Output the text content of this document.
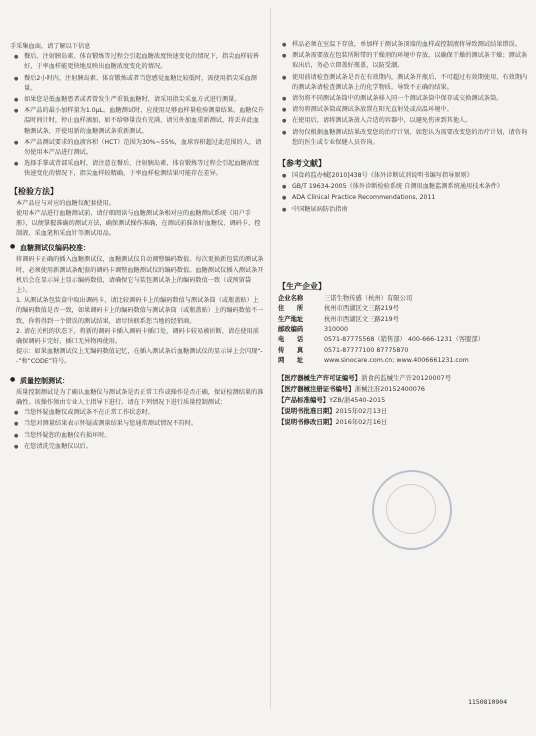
手采集血面，请了解以下信息

● 餐后、注射胰岛素、体育锻炼等过程会引起血糖浓度快速变化的情况下，指尖血样较皆好，于率血样能更快地反映出血糖浓度变化的情况。
● 餐后2小时内，注射胰岛素、体育锻炼或者当您感觉血糖比较低时，需使用指尖采血测量。
● 如果您是低血糖患者或者曾发生严重低血糖时，请采用指尖采血方式进行测量。
● 本产品的最小加样量为1.0μL。血糖测试时，应使用足够血样量检验测量结果。血糖仪升温时间计时，停止血样滴加，如不给够量没有充满，请另外加血重新测试，将丢弃此血糖测试条，开使用新的血糖测试条重新测试。
● 本产品测试要求的血液容积（HCT）范围为30%~55%，血球容积超过此范围的人，请勿使用本产品进行测试。
● 选择手掌或背部采血时，请注意在餐后、注射胰岛素、体育锻炼等过程会引起血糖浓度快速变化的情况下，指尖血样较精确，于率血样检测结果可能存在差异。
【检验方法】

本产品应与对应的血糖仪配套使用。

使用本产品进行血糖测试前，请仔细阅读与血糖测试条相对应的血糖测试系统《用户手册》，以便掌握准确的测试方法，确保测试操作准确，在测试前准备好血糖仪、调码卡、控制液、采血笔和采血针等测试用品。

● 血糖测试仪编码校准：

将调码卡正确的插入血糖测试仪，血糖测试仪自动调整编码数值。每次更换新包装的测试条时，必须使用新测试条配套的调码卡调整血糖测试仪的编码数值。血糖测试仪插入测试条开机后会在显示屏上显示编码数值，请确保它与装包测试条上的编码数值一致（或预留袋上）。

1. 从测试条包装盒中取出调码卡，请比较调码卡上的编码数值与测试条筒（或瓶盖贴）上的编码数值是否一致，如果调码卡上的编码数值与测试条筒（或瓶盖贴）上的编码数值不一致，你将得到一个错误的测试结果，请尽快联系您当地的经销商。
2. 请在关机的状态下，将新的调码卡插入调码卡插口处，调码卡较易被折断，请在使用前确保调码卡完好、插口无异物再使用。
提示：如果血糖测试仪上无编码数值记忆，在插入测试条后血糖测试仪的显示屏上会闪现“--”和“CODE”符号。
● 质量控制测试：

质量控制测试是为了确认血糖仪与测试条是否正常工作或操作是否正确，保证检测结果的准确性。该操作须由专业人士指导下进行。请在下列情况下进行质量控制测试：

● 当您怀疑血糖仪或测试条不在正常工作状态时。
● 当您对测量结果表示怀疑或测量结果与您通常测试情况不符时。
● 当您怀疑您的血糖仪有损坏时。
● 在您清洗完血糖仪以后。
● 样品必须在室温下存放，单加样于测试条顶端的血样或控制液将导致测试结果错误。
● 测试条需要放在包装所附带的干燥剂的环境中存放，以确保干燥的测试条干燥；测试条取出后，务必立即盖好瓶盖，以防受潮。
● 使用前请检查测试条是否在有效期内，测试条开瓶后，不可超过有效期使用，有效期内的测试条请检查测试条上的化学物质，导致不正确的结果。
● 请勿将不同测试条筒中的测试条移入同一个测试条筒中保存或交换测试条筒。
● 请勿将测试条筒或测试条放置在阳光直射处或高温环境中。
● 在使用后，请将测试条放入合适的容器中，以避免伤害到其他人。
● 请勿仅根据血糖测试结果改变您的治疗计划，如您认为需要改变您的治疗计划，请咨询您的医生或专业保健人员咨询。
【参考文献】
● 国食药监办械[2010]438号《体外诊断试剂说明书编写指导原则》
● GB/T 19634-2005《体外诊断检验系统 自测用血糖监测系统通用技术条件》
● ADA Clinical Practice Recommendations, 2011
● 中国糖尿病防治指南
【生产企业】
企业名称	三诺生物传感（杭州）有限公司
住　　所	杭州市西湖区文三路219号
生产地址	杭州市西湖区文三路219号
邮政编码	310000
电　　话	0571-87775568（销售部） 400-666-1231（客服部）
传　　真	0571-87777100 87775870
网　　址	www.sinocare.com.cn; www.4006661231.com
【医疗器械生产许可证编号】浙食药监械生产许20120007号
【医疗器械注册证书编号】浙械注准20152400076
【产品标准编号】YZB/浙4540-2015
【说明书批准日期】2015年02月13日
【说明书修改日期】2016年02月16日
1150810904
